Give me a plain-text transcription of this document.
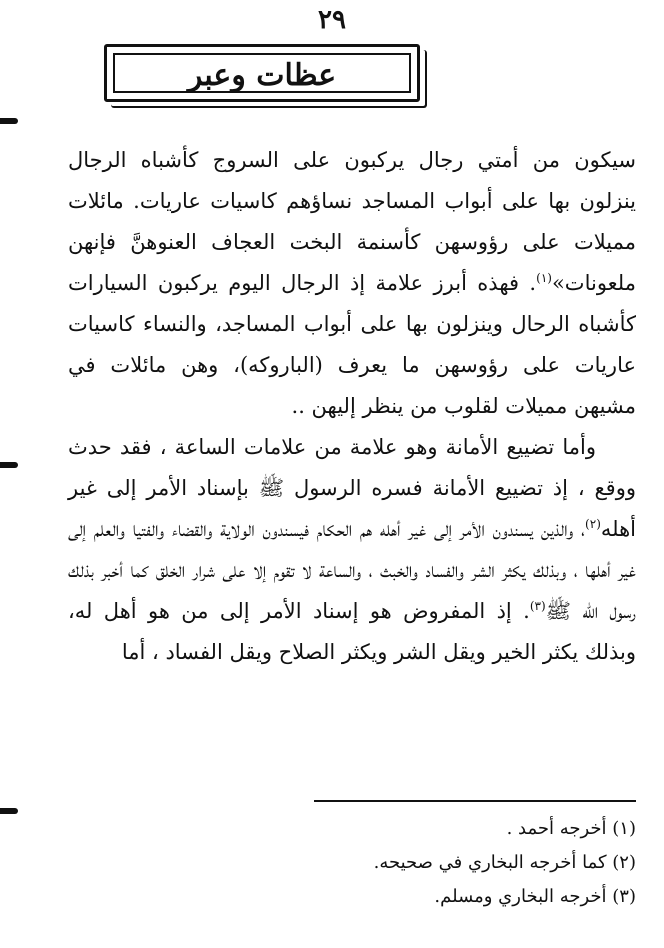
٢٩
عظات وعبر

سيكون من أمتي رجال يركبون على السروج كأشباه الرجال ينزلون بها على أبواب المساجد نساؤهم كاسيات عاريات. مائلات مميلات على رؤوسهن كأسنمة البخت العجاف العنوهنَّ فإنهن ملعونات»$^{(١)}$. فهذه أبرز علامة إذ الرجال اليوم يركبون السيارات كأشباه الرحال وينزلون بها على أبواب المساجد، والنساء كاسيات عاريات على رؤوسهن ما يعرف (الباروكه)، وهن مائلات في مشيهن مميلات لقلوب من ينظر إليهن ..

وأما تضييع الأمانة وهو علامة من علامات الساعة ، فقد حدث ووقع ، إذ تضييع الأمانة فسره الرسول ﷺ بإسناد الأمر إلى غير أهله$^{(٢)}$، والذين يسندون الأمر إلى غير أهله هم الحكام فيسندون الولاية والقضاء والفتيا والعلم إلى غير أهلها ، وبذلك يكثر الشر والفساد والخبث ، والساعة لا تقوم إلا على شرار الخلق كما أخبر بذلك رسول الله ﷺ$^{(٣)}$. إذ المفروض هو إسناد الأمر إلى من هو أهل له، وبذلك يكثر الخير ويقل الشر ويكثر الصلاح ويقل الفساد ، أما

(١) أخرجه أحمد .
(٢) كما أخرجه البخاري في صحيحه.
(٣) أخرجه البخاري ومسلم.
